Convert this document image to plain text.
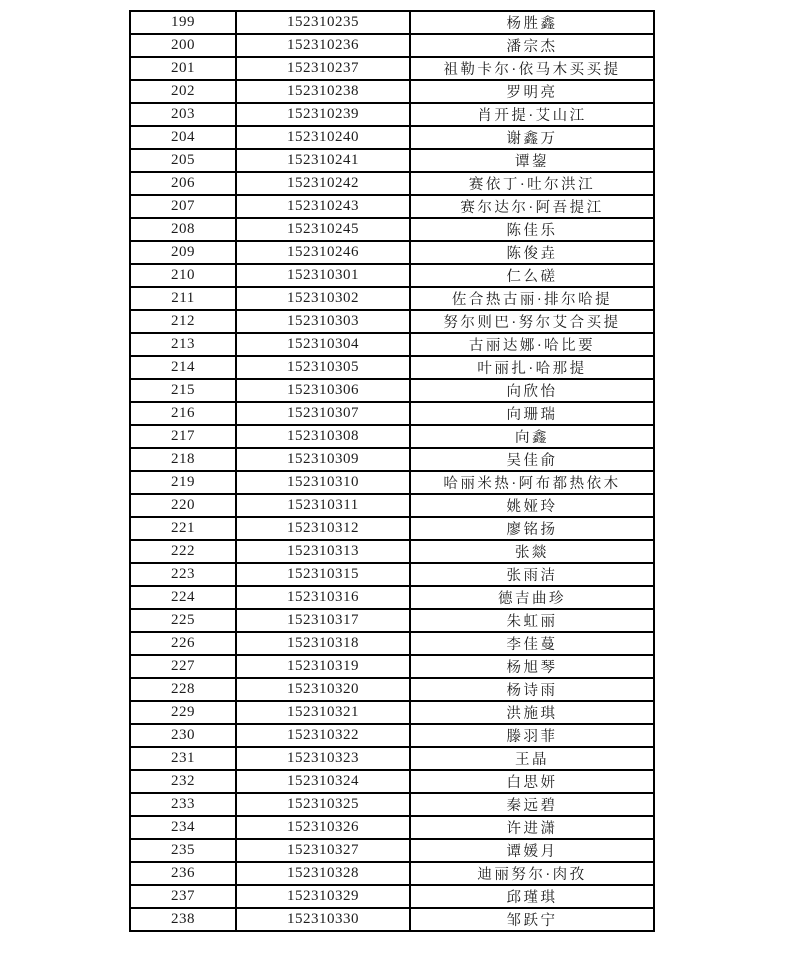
199	152310235	杨胜鑫
200	152310236	潘宗杰
201	152310237	祖勒卡尔·依马木买买提
202	152310238	罗明亮
203	152310239	肖开提·艾山江
204	152310240	谢鑫万
205	152310241	谭鋆
206	152310242	赛依丁·吐尔洪江
207	152310243	赛尔达尔·阿吾提江
208	152310245	陈佳乐
209	152310246	陈俊垚
210	152310301	仁么磋
211	152310302	佐合热古丽·排尔哈提
212	152310303	努尔则巴·努尔艾合买提
213	152310304	古丽达娜·哈比要
214	152310305	叶丽扎·哈那提
215	152310306	向欣怡
216	152310307	向珊瑞
217	152310308	向鑫
218	152310309	吴佳俞
219	152310310	哈丽米热·阿布都热依木
220	152310311	姚娅玲
221	152310312	廖铭扬
222	152310313	张燚
223	152310315	张雨洁
224	152310316	德吉曲珍
225	152310317	朱虹丽
226	152310318	李佳蔓
227	152310319	杨旭琴
228	152310320	杨诗雨
229	152310321	洪施琪
230	152310322	滕羽菲
231	152310323	王晶
232	152310324	白思妍
233	152310325	秦远碧
234	152310326	许进潇
235	152310327	谭媛月
236	152310328	迪丽努尔·肉孜
237	152310329	邱瑾琪
238	152310330	邹跃宁
